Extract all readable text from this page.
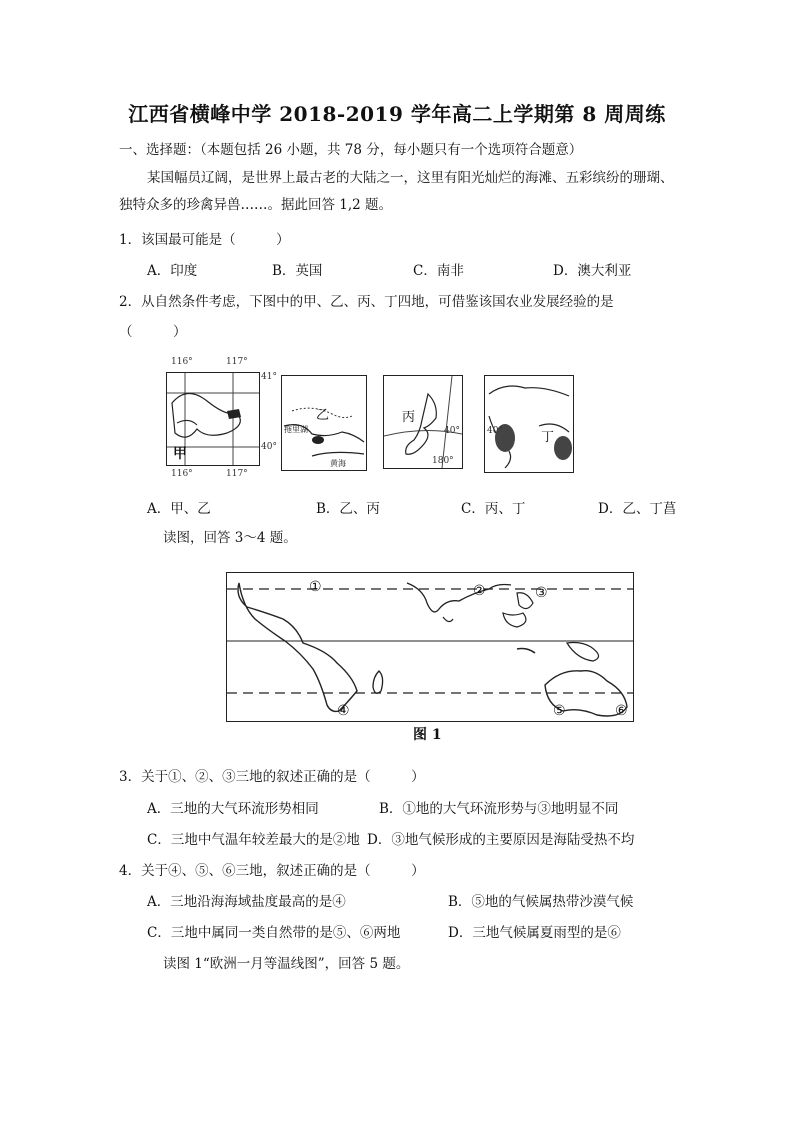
江西省横峰中学 2018-2019 学年高二上学期第 8 周周练
一、选择题：（本题包括 26 小题，共 78 分，每小题只有一个选项符合题意）
某国幅员辽阔，是世界上最古老的大陆之一，这里有阳光灿烂的海滩、五彩缤纷的珊瑚、
独特众多的珍禽异兽……。据此回答 1,2 题。
1．该国最可能是（　　　）
A．印度	B．英国	C．南非	D．澳大利亚
2．从自然条件考虑，下图中的甲、乙、丙、丁四地，可借鉴该国农业发展经验的是
（　　　）
甲
116°	117°
41°
40°
116°	117°
乙
拖里湖
黄海
丙
40°
180°
丁
40°
A．甲、乙	B．乙、丙	C．丙、丁	D．乙、丁菖
读图，回答 3～4 题。
①	②	③
④	⑤	⑥
图 1
3．关于①、②、③三地的叙述正确的是（　　　）
A．三地的大气环流形势相同	B．①地的大气环流形势与③地明显不同
C．三地中气温年较差最大的是②地 D．③地气候形成的主要原因是海陆受热不均
4．关于④、⑤、⑥三地，叙述正确的是（　　　）
A．三地沿海海域盐度最高的是④	B．⑤地的气候属热带沙漠气候
C．三地中属同一类自然带的是⑤、⑥两地	D．三地气候属夏雨型的是⑥
读图 1“欧洲一月等温线图”，回答 5 题。
